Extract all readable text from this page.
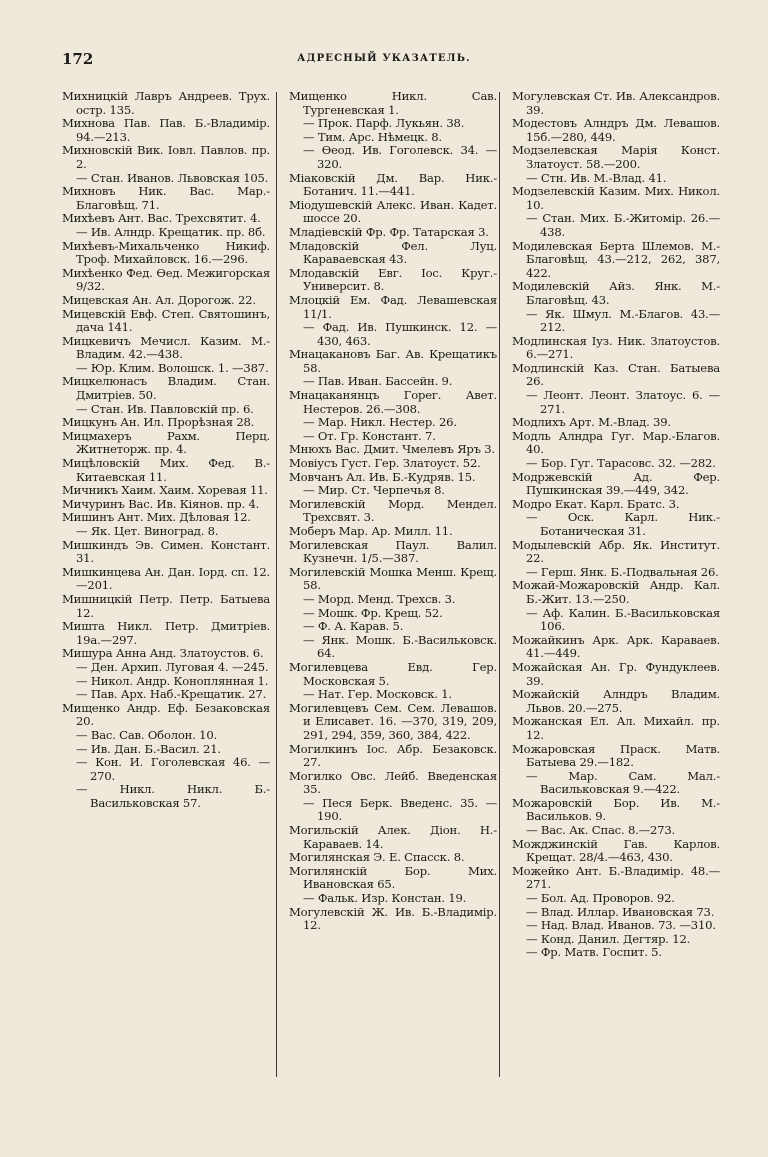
172	АДРЕСНЫЙ УКАЗАТЕЛЬ.

Михницкій Лавръ Андреев. Трух. остр. 135.

Михнова Пав. Пав. Б.-Владимір. 94.—213.

Михновскій Вик. Іовл. Павлов. пр. 2.

— Стан. Иванов. Львовская 105.

Михновъ Ник. Вас. Мар.-Благовѣщ. 71.

Михѣевъ Ант. Вас. Трехсвятит. 4.

— Ив. Алндр. Крещатик. пр. 8б.

Михѣевъ-Михальченко Никиф. Троф. Михайловск. 16.—296.

Михѣенко Фед. Ѳед. Межигорская 9/32.

Мицевская Ан. Ал. Дорогож. 22.

Мицевскій Евф. Степ. Святошинъ, дача 141.

Мицкевичъ Мечисл. Казим. М.-Владим. 42.—438.

— Юр. Клим. Волошск. 1. —387.

Мицкелюнасъ Владим. Стан. Дмитріев. 50.

— Стан. Ив. Павловскій пр. 6.

Мицкунъ Ан. Ил. Прорѣзная 28.

Мицмахеръ Рахм. Перц. Житнеторж. пр. 4.

Мицѣловскій Мих. Фед. В.-Китаевская 11.

Мичникъ Хаим. Хаим. Хоревая 11.

Мичуринъ Вас. Ив. Кіянов. пр. 4.

Мишинъ Ант. Мих. Дѣловая 12.

— Як. Цет. Виноград. 8.

Мишкиндъ Эв. Симен. Констант. 31.

Мишкинцева Ан. Дан. Іорд. сп. 12.—201.

Мишницкій Петр. Петр. Батыева 12.

Мишта Никл. Петр. Дмитріев. 19а.—297.

Мишура Анна Анд. Златоустов. 6.

— Ден. Архип. Луговая 4. —245.

— Никол. Андр. Коноплянная 1.

— Пав. Арх. Наб.-Крещатик. 27.

Мищенко Андр. Еф. Безаковская 20.

— Вас. Сав. Оболон. 10.

— Ив. Дан. Б.-Васил. 21.

— Кон. И. Гоголевская 46. —270.

— Никл. Никл. Б.-Васильковская 57.

Мищенко Никл. Сав. Тургеневская 1.

— Прок. Парф. Лукьян. 38.

— Тим. Арс. Нѣмецк. 8.

— Ѳеод. Ив. Гоголевск. 34. —320.

Міаковскій Дм. Вар. Ник.-Ботанич. 11.—441.

Міодушевскій Алекс. Иван. Кадет. шоссе 20.

Младіевскій Фр. Фр. Татарская 3.

Младовскій Фел. Луц. Караваевская 43.

Млодавскій Евг. Іос. Круг.-Университ. 8.

Млоцкій Ем. Фад. Левашевская 11/1.

— Фад. Ив. Пушкинск. 12. —430, 463.

Мнацакановъ Баг. Ав. Крещатикъ 58.

— Пав. Иван. Бассейн. 9.

Мнацаканянцъ Горег. Авет. Нестеров. 26.—308.

— Мар. Никл. Нестер. 26.

— От. Гр. Констант. 7.

Мнюхъ Вас. Дмит. Чмелевъ Яръ 3.

Мовіусъ Густ. Гер. Златоуст. 52.

Мовчанъ Ал. Ив. Б.-Кудряв. 15.

— Мир. Ст. Черпечья 8.

Могилевскій Морд. Мендел. Трехсвят. 3.

Моберъ Мар. Ар. Милл. 11.

Могилевская Паул. Валил. Кузнечн. 1/5.—387.

Могилевскій Мошка Менш. Крещ. 58.

— Морд. Менд. Трехсв. 3.

— Мошк. Фр. Крещ. 52.

— Ф. А. Карав. 5.

— Янк. Мошк. Б.-Васильковск. 64.

Могилевцева Евд. Гер. Московская 5.

— Нат. Гер. Московск. 1.

Могилевцевъ Сем. Сем. Левашов. и Елисавет. 16. —370, 319, 209, 291, 294, 359, 360, 384, 422.

Могилкинъ Іос. Абр. Безаковск. 27.

Могилко Овс. Лейб. Введенская 35.

— Песя Берк. Введенс. 35. —190.

Могильскій Алек. Діон. Н.-Караваев. 14.

Могилянская Э. Е. Спасск. 8.

Могилянскій Бор. Мих. Ивановская 65.

— Фальк. Изр. Констан. 19.

Могулевскій Ж. Ив. Б.-Владимір. 12.

Могулевская Ст. Ив. Александров. 39.

Модестовъ Алндръ Дм. Левашов. 15б.—280, 449.

Модзелевская Марія Конст. Златоуст. 58.—200.

— Стн. Ив. М.-Влад. 41.

Модзелевскій Казим. Мих. Никол. 10.

— Стан. Мих. Б.-Житомір. 26.—438.

Модилевская Берта Шлемов. М.-Благовѣщ. 43.—212, 262, 387, 422.

Модилевскій Айз. Янк. М.-Благовѣщ. 43.

— Як. Шмул. М.-Благов. 43.—212.

Модлинская Іуз. Ник. Златоустов. 6.—271.

Модлинскій Каз. Стан. Батыева 26.

— Леонт. Леонт. Златоус. 6. —271.

Модлихъ Арт. М.-Влад. 39.

Модль Алндра Гуг. Мар.-Благов. 40.

— Бор. Гуг. Тарасовс. 32. —282.

Модржевскій Ад. Фер. Пушкинская 39.—449, 342.

Модро Екат. Карл. Братс. 3.

— Оск. Карл. Ник.-Ботаническая 31.

Модылевскій Абр. Як. Институт. 22.

— Герш. Янк. Б.-Подвальная 26.

Можай-Можаровскій Андр. Кал. Б.-Жит. 13.—250.

— Аф. Калин. Б.-Васильковская 106.

Можайкинъ Арк. Арк. Караваев. 41.—449.

Можайская Ан. Гр. Фундуклеев. 39.

Можайскій Алндръ Владим. Львов. 20.—275.

Можанская Ел. Ал. Михайл. пр. 12.

Можаровская Праск. Матв. Батыева 29.—182.

— Мар. Сам. Мал.-Васильковская 9.—422.

Можаровскій Бор. Ив. М.-Васильков. 9.

— Вас. Ак. Спас. 8.—273.

Можджинскій Гав. Карлов. Крещат. 28/4.—463, 430.

Можейко Ант. Б.-Владимір. 48.—271.

— Бол. Ад. Проворов. 92.

— Влад. Иллар. Ивановская 73.

— Над. Влад. Иванов. 73. —310.

— Конд. Данил. Дегтяр. 12.

— Фр. Матв. Госпит. 5.
